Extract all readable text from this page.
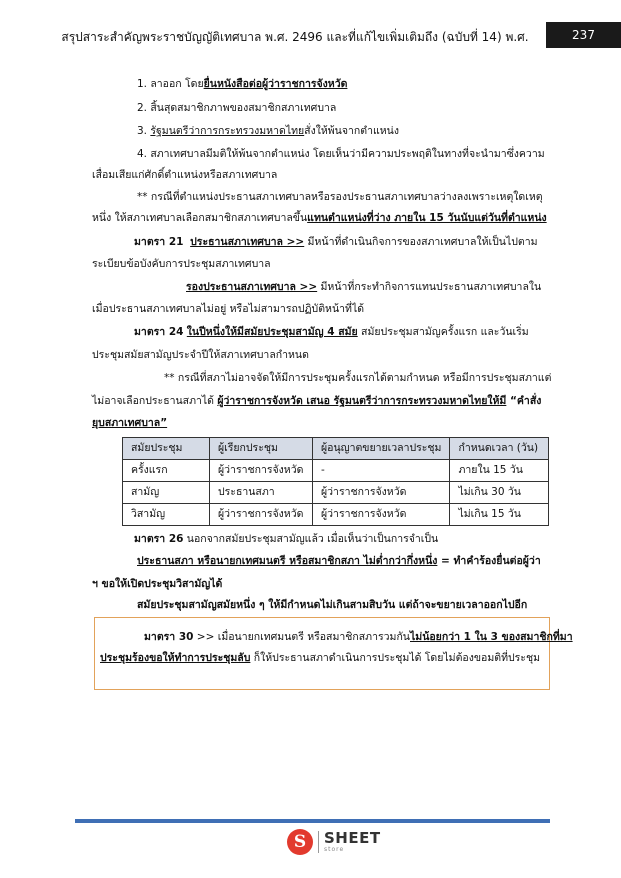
สรุปสาระสำคัญพระราชบัญญัติเทศบาล พ.ศ. 2496 และที่แก้ไขเพิ่มเติมถึง (ฉบับที่ 14) พ.ศ.	237
1. ลาออก โดยยื่นหนังสือต่อผู้ว่าราชการจังหวัด
2. สิ้นสุดสมาชิกภาพของสมาชิกสภาเทศบาล
3. รัฐมนตรีว่าการกระทรวงมหาดไทยสั่งให้พ้นจากตำแหน่ง
4. สภาเทศบาลมีมติให้พ้นจากตำแหน่ง โดยเห็นว่ามีความประพฤติในทางที่จะนำมาซึ่งความ
เสื่อมเสียแก่ศักดิ์ตำแหน่งหรือสภาเทศบาล
** กรณีที่ตำแหน่งประธานสภาเทศบาลหรือรองประธานสภาเทศบาลว่างลงเพราะเหตุใดเหตุ
หนึ่ง ให้สภาเทศบาลเลือกสมาชิกสภาเทศบาลขึ้นแทนตำแหน่งที่ว่าง ภายใน 15 วันนับแต่วันที่ตำแหน่ง
มาตรา 21 ประธานสภาเทศบาล >> มีหน้าที่ดำเนินกิจการของสภาเทศบาลให้เป็นไปตาม
ระเบียบข้อบังคับการประชุมสภาเทศบาล
รองประธานสภาเทศบาล >> มีหน้าที่กระทำกิจการแทนประธานสภาเทศบาลใน
เมื่อประธานสภาเทศบาลไม่อยู่ หรือไม่สามารถปฏิบัติหน้าที่ได้
มาตรา 24 ในปีหนึ่งให้มีสมัยประชุมสามัญ 4 สมัย สมัยประชุมสามัญครั้งแรก และวันเริ่ม
ประชุมสมัยสามัญประจำปีให้สภาเทศบาลกำหนด
** กรณีที่สภาไม่อาจจัดให้มีการประชุมครั้งแรกได้ตามกำหนด หรือมีการประชุมสภาแต่
ไม่อาจเลือกประธานสภาได้ ผู้ว่าราชการจังหวัด เสนอ รัฐมนตรีว่าการกระทรวงมหาดไทยให้มี “คำสั่ง
ยุบสภาเทศบาล”
สมัยประชุม	ผู้เรียกประชุม	ผู้อนุญาตขยายเวลาประชุม	กำหนดเวลา (วัน)
ครั้งแรก	ผู้ว่าราชการจังหวัด	-	ภายใน 15 วัน
สามัญ	ประธานสภา	ผู้ว่าราชการจังหวัด	ไม่เกิน 30 วัน
วิสามัญ	ผู้ว่าราชการจังหวัด	ผู้ว่าราชการจังหวัด	ไม่เกิน 15 วัน
มาตรา 26 นอกจากสมัยประชุมสามัญแล้ว เมื่อเห็นว่าเป็นการจำเป็น
ประธานสภา หรือนายกเทศมนตรี หรือสมาชิกสภา ไม่ต่ำกว่ากึ่งหนึ่ง = ทำคำร้องยื่นต่อผู้ว่า
ฯ ขอให้เปิดประชุมวิสามัญได้
สมัยประชุมสามัญสมัยหนึ่ง ๆ ให้มีกำหนดไม่เกินสามสิบวัน แต่ถ้าจะขยายเวลาออกไปอีก
มาตรา 30 >> เมื่อนายกเทศมนตรี หรือสมาชิกสภารวมกันไม่น้อยกว่า 1 ใน 3 ของสมาชิกที่มา
ประชุมร้องขอให้ทำการประชุมลับ ก็ให้ประธานสภาดำเนินการประชุมได้ โดยไม่ต้องขอมติที่ประชุม
S	SHEET
store
